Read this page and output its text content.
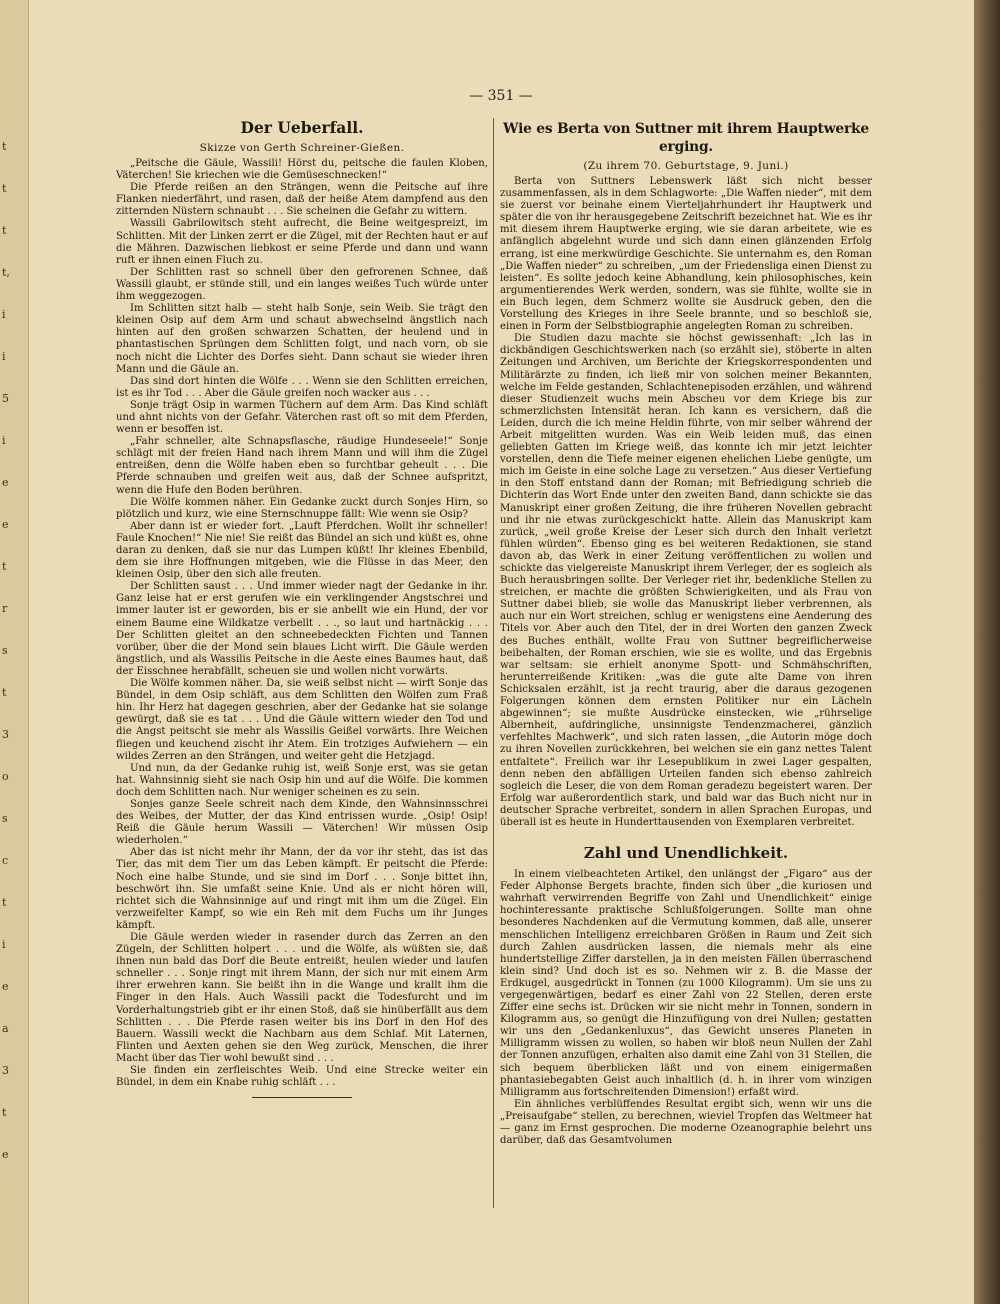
t
t
t
t,
i
i
5
i
e
e
t
r
s
t
3
o
s
c
t
i
e
a
3
t
e
— 351 —
Der Ueberfall.
Skizze von Gerth Schreiner-Gießen.

„Peitsche die Gäule, Wassili! Hörst du, peitsche die faulen Kloben, Väterchen! Sie kriechen wie die Gemüseschnecken!“

Die Pferde reißen an den Strängen, wenn die Peitsche auf ihre Flanken niederfährt, und rasen, daß der heiße Atem dampfend aus den zitternden Nüstern schnaubt . . . Sie scheinen die Gefahr zu wittern.

Wassili Gabrilowitsch steht aufrecht, die Beine weitgespreizt, im Schlitten. Mit der Linken zerrt er die Zügel, mit der Rechten haut er auf die Mähren. Dazwischen liebkost er seine Pferde und dann und wann ruft er ihnen einen Fluch zu.

Der Schlitten rast so schnell über den gefrorenen Schnee, daß Wassili glaubt, er stünde still, und ein langes weißes Tuch würde unter ihm weggezogen.

Im Schlitten sitzt halb — steht halb Sonje, sein Weib. Sie trägt den kleinen Osip auf dem Arm und schaut abwechselnd ängstlich nach hinten auf den großen schwarzen Schatten, der heulend und in phantastischen Sprüngen dem Schlitten folgt, und nach vorn, ob sie noch nicht die Lichter des Dorfes sieht. Dann schaut sie wieder ihren Mann und die Gäule an.

Das sind dort hinten die Wölfe . . . Wenn sie den Schlitten erreichen, ist es ihr Tod . . . Aber die Gäule greifen noch wacker aus . . .

Sonje trägt Osip in warmen Tüchern auf dem Arm. Das Kind schläft und ahnt nichts von der Gefahr. Väterchen rast oft so mit dem Pferden, wenn er besoffen ist.

„Fahr schneller, alte Schnapsflasche, räudige Hundeseele!“ Sonje schlägt mit der freien Hand nach ihrem Mann und will ihm die Zügel entreißen, denn die Wölfe haben eben so furchtbar geheult . . . Die Pferde schnauben und greifen weit aus, daß der Schnee aufspritzt, wenn die Hufe den Boden berühren.

Die Wölfe kommen näher. Ein Gedanke zuckt durch Sonjes Hirn, so plötzlich und kurz, wie eine Sternschnuppe fällt: Wie wenn sie Osip?

Aber dann ist er wieder fort. „Lauft Pferdchen. Wollt ihr schneller! Faule Knochen!“ Nie nie! Sie reißt das Bündel an sich und küßt es, ohne daran zu denken, daß sie nur das Lumpen küßt! Ihr kleines Ebenbild, dem sie ihre Hoffnungen mitgeben, wie die Flüsse in das Meer, den kleinen Osip, über den sich alle freuten.

Der Schlitten saust . . . Und immer wieder nagt der Gedanke in ihr. Ganz leise hat er erst gerufen wie ein verklingender Angstschrei und immer lauter ist er geworden, bis er sie anbellt wie ein Hund, der vor einem Baume eine Wildkatze verbellt . . ., so laut und hartnäckig . . . Der Schlitten gleitet an den schneebedeckten Fichten und Tannen vorüber, über die der Mond sein blaues Licht wirft. Die Gäule werden ängstlich, und als Wassilis Peitsche in die Aeste eines Baumes haut, daß der Eisschnee herabfällt, scheuen sie und wollen nicht vorwärts.

Die Wölfe kommen näher. Da, sie weiß selbst nicht — wirft Sonje das Bündel, in dem Osip schläft, aus dem Schlitten den Wölfen zum Fraß hin. Ihr Herz hat dagegen geschrien, aber der Gedanke hat sie solange gewürgt, daß sie es tat . . . Und die Gäule wittern wieder den Tod und die Angst peitscht sie mehr als Wassilis Geißel vorwärts. Ihre Weichen fliegen und keuchend zischt ihr Atem. Ein trotziges Aufwiehern — ein wildes Zerren an den Strängen, und weiter geht die Hetzjagd.

Und nun, da der Gedanke ruhig ist, weiß Sonje erst, was sie getan hat. Wahnsinnig sieht sie nach Osip hin und auf die Wölfe. Die kommen doch dem Schlitten nach. Nur weniger scheinen es zu sein.

Sonjes ganze Seele schreit nach dem Kinde, den Wahnsinnsschrei des Weibes, der Mutter, der das Kind entrissen wurde. „Osip! Osip! Reiß die Gäule herum Wassili — Väterchen! Wir müssen Osip wiederholen.“

Aber das ist nicht mehr ihr Mann, der da vor ihr steht, das ist das Tier, das mit dem Tier um das Leben kämpft. Er peitscht die Pferde: Noch eine halbe Stunde, und sie sind im Dorf . . . Sonje bittet ihn, beschwört ihn. Sie umfaßt seine Knie. Und als er nicht hören will, richtet sich die Wahnsinnige auf und ringt mit ihm um die Zügel. Ein verzweifelter Kampf, so wie ein Reh mit dem Fuchs um ihr Junges kämpft.

Die Gäule werden wieder in rasender durch das Zerren an den Zügeln, der Schlitten holpert . . . und die Wölfe, als wüßten sie, daß ihnen nun bald das Dorf die Beute entreißt, heulen wieder und laufen schneller . . . Sonje ringt mit ihrem Mann, der sich nur mit einem Arm ihrer erwehren kann. Sie beißt ihn in die Wange und krallt ihm die Finger in den Hals. Auch Wassili packt die Todesfurcht und im Vorderhaltungstrieb gibt er ihr einen Stoß, daß sie hinüberfällt aus dem Schlitten . . . Die Pferde rasen weiter bis ins Dorf in den Hof des Bauern. Wassili weckt die Nachbarn aus dem Schlaf. Mit Laternen, Flinten und Aexten gehen sie den Weg zurück, Menschen, die ihrer Macht über das Tier wohl bewußt sind . . .

Sie finden ein zerfleischtes Weib. Und eine Strecke weiter ein Bündel, in dem ein Knabe ruhig schläft . . .

Wie es Berta von Suttner mit ihrem Hauptwerke erging.
(Zu ihrem 70. Geburtstage, 9. Juni.)

Berta von Suttners Lebenswerk läßt sich nicht besser zusammenfassen, als in dem Schlagworte: „Die Waffen nieder“, mit dem sie zuerst vor beinahe einem Vierteljahrhundert ihr Hauptwerk und später die von ihr herausgegebene Zeitschrift bezeichnet hat. Wie es ihr mit diesem ihrem Hauptwerke erging, wie sie daran arbeitete, wie es anfänglich abgelehnt wurde und sich dann einen glänzenden Erfolg errang, ist eine merkwürdige Geschichte. Sie unternahm es, den Roman „Die Waffen nieder“ zu schreiben, „um der Friedensliga einen Dienst zu leisten“. Es sollte jedoch keine Abhandlung, kein philosophisches, kein argumentierendes Werk werden, sondern, was sie fühlte, wollte sie in ein Buch legen, dem Schmerz wollte sie Ausdruck geben, den die Vorstellung des Krieges in ihre Seele brannte, und so beschloß sie, einen in Form der Selbstbiographie angelegten Roman zu schreiben.

Die Studien dazu machte sie höchst gewissenhaft: „Ich las in dickbändigen Geschichtswerken nach (so erzählt sie), stöberte in alten Zeitungen und Archiven, um Berichte der Kriegskorrespondenten und Militärärzte zu finden, ich ließ mir von solchen meiner Bekannten, welche im Felde gestanden, Schlachtenepisoden erzählen, und während dieser Studienzeit wuchs mein Abscheu vor dem Kriege bis zur schmerzlichsten Intensität heran. Ich kann es versichern, daß die Leiden, durch die ich meine Heldin führte, von mir selber während der Arbeit mitgelitten wurden. Was ein Weib leiden muß, das einen geliebten Gatten im Kriege weiß, das konnte ich mir jetzt leichter vorstellen, denn die Tiefe meiner eigenen ehelichen Liebe genügte, um mich im Geiste in eine solche Lage zu versetzen.“ Aus dieser Vertiefung in den Stoff entstand dann der Roman; mit Befriedigung schrieb die Dichterin das Wort Ende unter den zweiten Band, dann schickte sie das Manuskript einer großen Zeitung, die ihre früheren Novellen gebracht und ihr nie etwas zurückgeschickt hatte. Allein das Manuskript kam zurück, „weil große Kreise der Leser sich durch den Inhalt verletzt fühlen würden“. Ebenso ging es bei weiteren Redaktionen, sie stand davon ab, das Werk in einer Zeitung veröffentlichen zu wollen und schickte das vielgereiste Manuskript ihrem Verleger, der es sogleich als Buch herausbringen sollte. Der Verleger riet ihr, bedenkliche Stellen zu streichen, er machte die größten Schwierigkeiten, und als Frau von Suttner dabei blieb, sie wolle das Manuskript lieber verbrennen, als auch nur ein Wort streichen, schlug er wenigstens eine Aenderung des Titels vor. Aber auch den Titel, der in drei Worten den ganzen Zweck des Buches enthält, wollte Frau von Suttner begreiflicherweise beibehalten, der Roman erschien, wie sie es wollte, und das Ergebnis war seltsam: sie erhielt anonyme Spott- und Schmähschriften, herunterreißende Kritiken: „was die gute alte Dame von ihren Schicksalen erzählt, ist ja recht traurig, aber die daraus gezogenen Folgerungen können dem ernsten Politiker nur ein Lächeln abgewinnen“; sie mußte Ausdrücke einstecken, wie „rührselige Albernheit, aufdringliche, unsinnigste Tendenzmacherei, gänzlich verfehltes Machwerk“, und sich raten lassen, „die Autorin möge doch zu ihren Novellen zurückkehren, bei welchen sie ein ganz nettes Talent entfaltete“. Freilich war ihr Lesepublikum in zwei Lager gespalten, denn neben den abfälligen Urteilen fanden sich ebenso zahlreich sogleich die Leser, die von dem Roman geradezu begeistert waren. Der Erfolg war außerordentlich stark, und bald war das Buch nicht nur in deutscher Sprache verbreitet, sondern in allen Sprachen Europas, und überall ist es heute in Hunderttausenden von Exemplaren verbreitet.

Zahl und Unendlichkeit.

In einem vielbeachteten Artikel, den unlängst der „Figaro“ aus der Feder Alphonse Bergets brachte, finden sich über „die kuriosen und wahrhaft verwirrenden Begriffe von Zahl und Unendlichkeit“ einige hochinteressante praktische Schlußfolgerungen. Sollte man ohne besonderes Nachdenken auf die Vermutung kommen, daß alle, unserer menschlichen Intelligenz erreichbaren Größen in Raum und Zeit sich durch Zahlen ausdrücken lassen, die niemals mehr als eine hundertstellige Ziffer darstellen, ja in den meisten Fällen überraschend klein sind? Und doch ist es so. Nehmen wir z. B. die Masse der Erdkugel, ausgedrückt in Tonnen (zu 1000 Kilogramm). Um sie uns zu vergegenwärtigen, bedarf es einer Zahl von 22 Stellen, deren erste Ziffer eine sechs ist. Drücken wir sie nicht mehr in Tonnen, sondern in Kilogramm aus, so genügt die Hinzufügung von drei Nullen; gestatten wir uns den „Gedankenluxus“, das Gewicht unseres Planeten in Milligramm wissen zu wollen, so haben wir bloß neun Nullen der Zahl der Tonnen anzufügen, erhalten also damit eine Zahl von 31 Stellen, die sich bequem überblicken läßt und von einem einigermaßen phantasiebegabten Geist auch inhaltlich (d. h. in ihrer vom winzigen Milligramm aus fortschreitenden Dimension!) erfaßt wird.

Ein ähnliches verblüffendes Resultat ergibt sich, wenn wir uns die „Preisaufgabe“ stellen, zu berechnen, wieviel Tropfen das Weltmeer hat — ganz im Ernst gesprochen. Die moderne Ozeanographie belehrt uns darüber, daß das Gesamtvolumen
